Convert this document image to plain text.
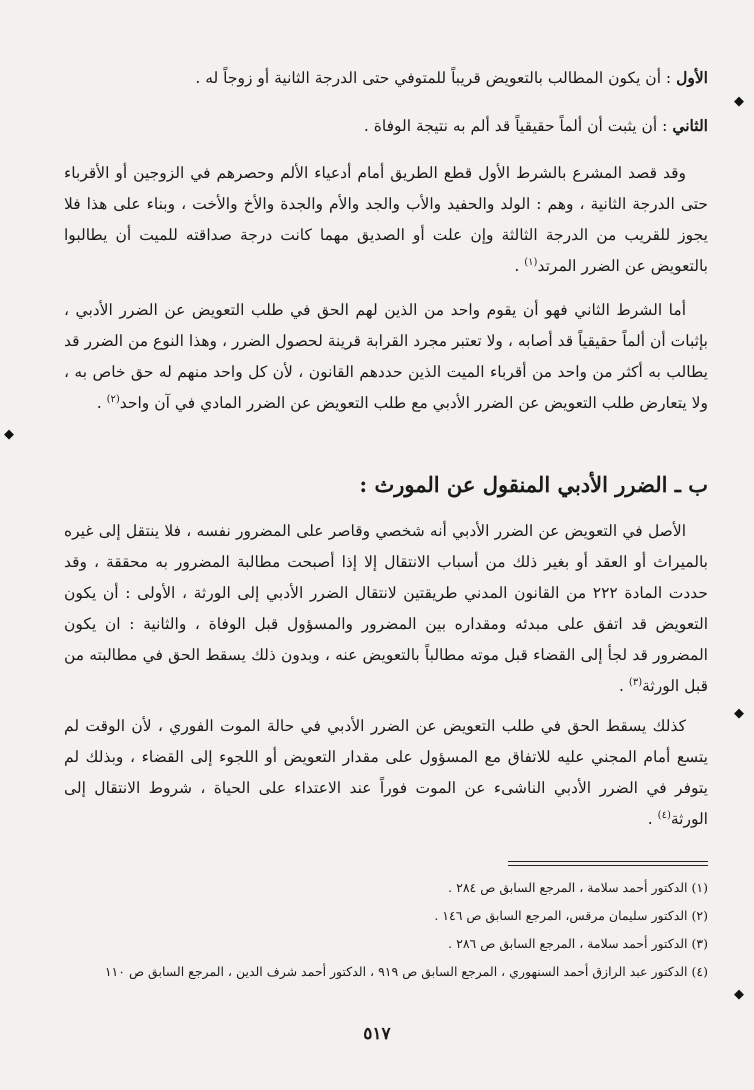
الأول : أن يكون المطالب بالتعويض قريباً للمتوفي حتى الدرجة الثانية أو زوجاً له .

الثاني : أن يثبت أن ألماً حقيقياً قد ألم به نتيجة الوفاة .

وقد قصد المشرع بالشرط الأول قطع الطريق أمام أدعياء الألم وحصرهم في الزوجين أو الأقرباء حتى الدرجة الثانية ، وهم : الولد والحفيد والأب والجد والأم والجدة والأخ والأخت ، وبناء على هذا فلا يجوز للقريب من الدرجة الثالثة وإن علت أو الصديق مهما كانت درجة صداقته للميت أن يطالبوا بالتعويض عن الضرر المرتد$^{(١)}$ .

أما الشرط الثاني فهو أن يقوم واحد من الذين لهم الحق في طلب التعويض عن الضرر الأدبي ، بإثبات أن ألماً حقيقياً قد أصابه ، ولا تعتبر مجرد القرابة قرينة لحصول الضرر ، وهذا النوع من الضرر قد يطالب به أكثر من واحد من أقرباء الميت الذين حددهم القانون ، لأن كل واحد منهم له حق خاص به ، ولا يتعارض طلب التعويض عن الضرر الأدبي مع طلب التعويض عن الضرر المادي في آن واحد$^{(٢)}$ .

ب ـ الضرر الأدبي المنقول عن المورث :

الأصل في التعويض عن الضرر الأدبي أنه شخصي وقاصر على المضرور نفسه ، فلا ينتقل إلى غيره بالميراث أو العقد أو بغير ذلك من أسباب الانتقال إلا إذا أصبحت مطالبة المضرور به محققة ، وقد حددت المادة ٢٢٢ من القانون المدني طريقتين لانتقال الضرر الأدبي إلى الورثة ، الأولى : أن يكون التعويض قد اتفق على مبدئه ومقداره بين المضرور والمسؤول قبل الوفاة ، والثانية : ان يكون المضرور قد لجأ إلى القضاء قبل موته مطالباً بالتعويض عنه ، وبدون ذلك يسقط الحق في مطالبته من قبل الورثة$^{(٣)}$ .

كذلك يسقط الحق في طلب التعويض عن الضرر الأدبي في حالة الموت الفوري ، لأن الوقت لم يتسع أمام المجني عليه للاتفاق مع المسؤول على مقدار التعويض أو اللجوء إلى القضاء ، وبذلك لم يتوفر في الضرر الأدبي الناشىء عن الموت فوراً عند الاعتداء على الحياة ، شروط الانتقال إلى الورثة$^{(٤)}$ .

(١) الدكتور أحمد سلامة ، المرجع السابق ص ٢٨٤ .
(٢) الدكتور سليمان مرقس، المرجع السابق ص ١٤٦ .
(٣) الدكتور أحمد سلامة ، المرجع السابق ص ٢٨٦ .
(٤) الدكتور عبد الرازق أحمد السنهوري ، المرجع السابق ص ٩١٩ ، الدكتور أحمد شرف الدين ، المرجع السابق ص ١١٠
٥١٧
◆
◆
◆
◆
